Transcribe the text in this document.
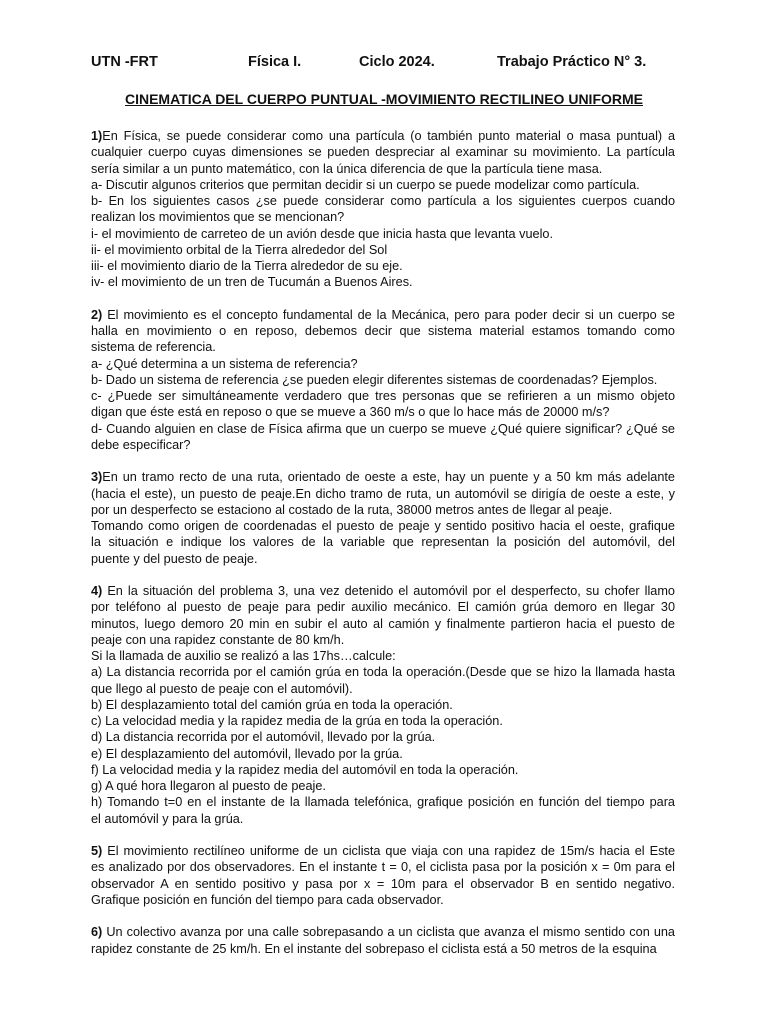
UTN -FRT	Física I.	Ciclo 2024.	Trabajo Práctico N° 3.
CINEMATICA DEL CUERPO PUNTUAL -MOVIMIENTO RECTILINEO UNIFORME
1)En Física, se puede considerar como una partícula (o también punto material o masa puntual) a
cualquier cuerpo cuyas dimensiones se pueden despreciar al examinar su movimiento. La partícula
sería similar a un punto matemático, con la única diferencia de que la partícula tiene masa.
a- Discutir algunos criterios que permitan decidir si un cuerpo se puede modelizar como partícula.
b- En los siguientes casos ¿se puede considerar como partícula a los siguientes cuerpos cuando
realizan los movimientos que se mencionan?
i- el movimiento de carreteo de un avión desde que inicia hasta que levanta vuelo.
ii- el movimiento orbital de la Tierra alrededor del Sol
iii- el movimiento diario de la Tierra alrededor de su eje.
iv- el movimiento de un tren de Tucumán a Buenos Aires.
2) El movimiento es el concepto fundamental de la Mecánica, pero para poder decir si un cuerpo se
halla en movimiento o en reposo, debemos decir que sistema material estamos tomando como
sistema de referencia.
a- ¿Qué determina a un sistema de referencia?
b- Dado un sistema de referencia ¿se pueden elegir diferentes sistemas de coordenadas? Ejemplos.
c- ¿Puede ser simultáneamente verdadero que tres personas que se refirieren a un mismo objeto
digan que éste está en reposo o que se mueve a 360 m/s o que lo hace más de 20000 m/s?
d- Cuando alguien en clase de Física afirma que un cuerpo se mueve ¿Qué quiere significar? ¿Qué se
debe especificar?
3)En un tramo recto de una ruta, orientado de oeste a este, hay un puente y a 50 km más adelante
(hacia el este), un puesto de peaje.En dicho tramo de ruta, un automóvil se dirigía de oeste a este, y
por un desperfecto se estaciono al costado de la ruta, 38000 metros antes de llegar al peaje.
Tomando como origen de coordenadas el puesto de peaje y sentido positivo hacia el oeste, grafique
la situación e indique los valores de la variable que representan la posición del automóvil, del
puente y del puesto de peaje.
4) En la situación del problema 3, una vez detenido el automóvil por el desperfecto, su chofer llamo
por teléfono al puesto de peaje para pedir auxilio mecánico. El camión grúa demoro en llegar 30
minutos, luego demoro 20 min en subir el auto al camión y finalmente partieron hacia el puesto de
peaje con una rapidez constante de 80 km/h.
Si la llamada de auxilio se realizó a las 17hs…calcule:
a) La distancia recorrida por el camión grúa en toda la operación.(Desde que se hizo la llamada hasta
que llego al puesto de peaje con el automóvil).
b) El desplazamiento total del camión grúa en toda la operación.
c) La velocidad media y la rapidez media de la grúa en toda la operación.
d) La distancia recorrida por el automóvil, llevado por la grúa.
e) El desplazamiento del automóvil, llevado por la grúa.
f) La velocidad media y la rapidez media del automóvil en toda la operación.
g) A qué hora llegaron al puesto de peaje.
h) Tomando t=0 en el instante de la llamada telefónica, grafique posición en función del tiempo para
el automóvil y para la grúa.
5) El movimiento rectilíneo uniforme de un ciclista que viaja con una rapidez de 15m/s hacia el Este
es analizado por dos observadores. En el instante t = 0, el ciclista pasa por la posición x = 0m para el
observador A en sentido positivo y pasa por x = 10m para el observador B en sentido negativo.
Grafique posición en función del tiempo para cada observador.
6) Un colectivo avanza por una calle sobrepasando a un ciclista que avanza el mismo sentido con una
rapidez constante de 25 km/h. En el instante del sobrepaso el ciclista está a 50 metros de la esquina
